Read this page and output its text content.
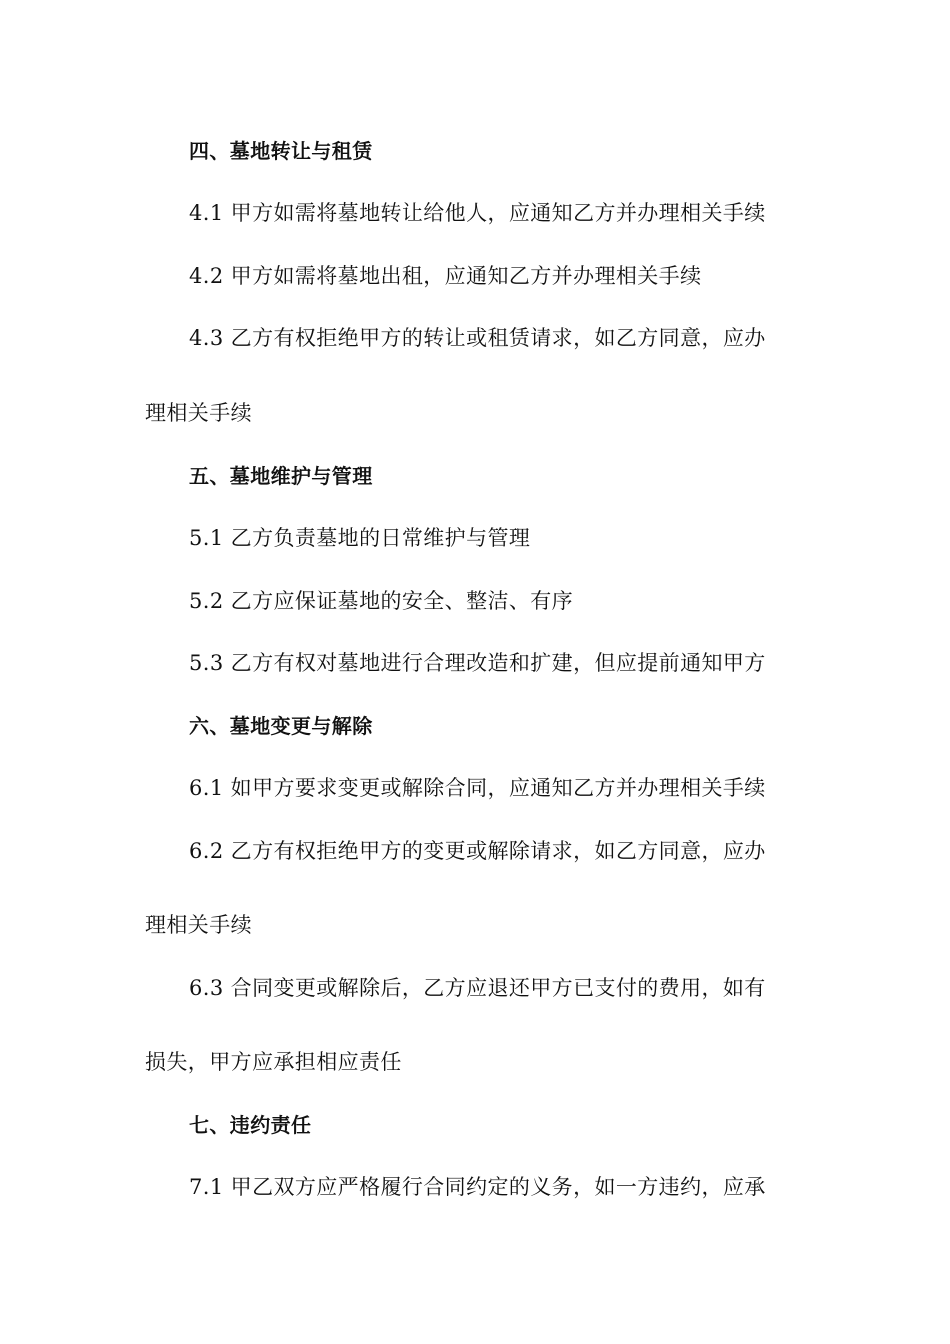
四、墓地转让与租赁

4.1 甲方如需将墓地转让给他人，应通知乙方并办理相关手续

4.2 甲方如需将墓地出租，应通知乙方并办理相关手续

4.3 乙方有权拒绝甲方的转让或租赁请求，如乙方同意，应办

理相关手续

五、墓地维护与管理

5.1 乙方负责墓地的日常维护与管理

5.2 乙方应保证墓地的安全、整洁、有序

5.3 乙方有权对墓地进行合理改造和扩建，但应提前通知甲方

六、墓地变更与解除

6.1 如甲方要求变更或解除合同，应通知乙方并办理相关手续

6.2 乙方有权拒绝甲方的变更或解除请求，如乙方同意，应办

理相关手续

6.3 合同变更或解除后，乙方应退还甲方已支付的费用，如有

损失，甲方应承担相应责任

七、违约责任

7.1 甲乙双方应严格履行合同约定的义务，如一方违约，应承
